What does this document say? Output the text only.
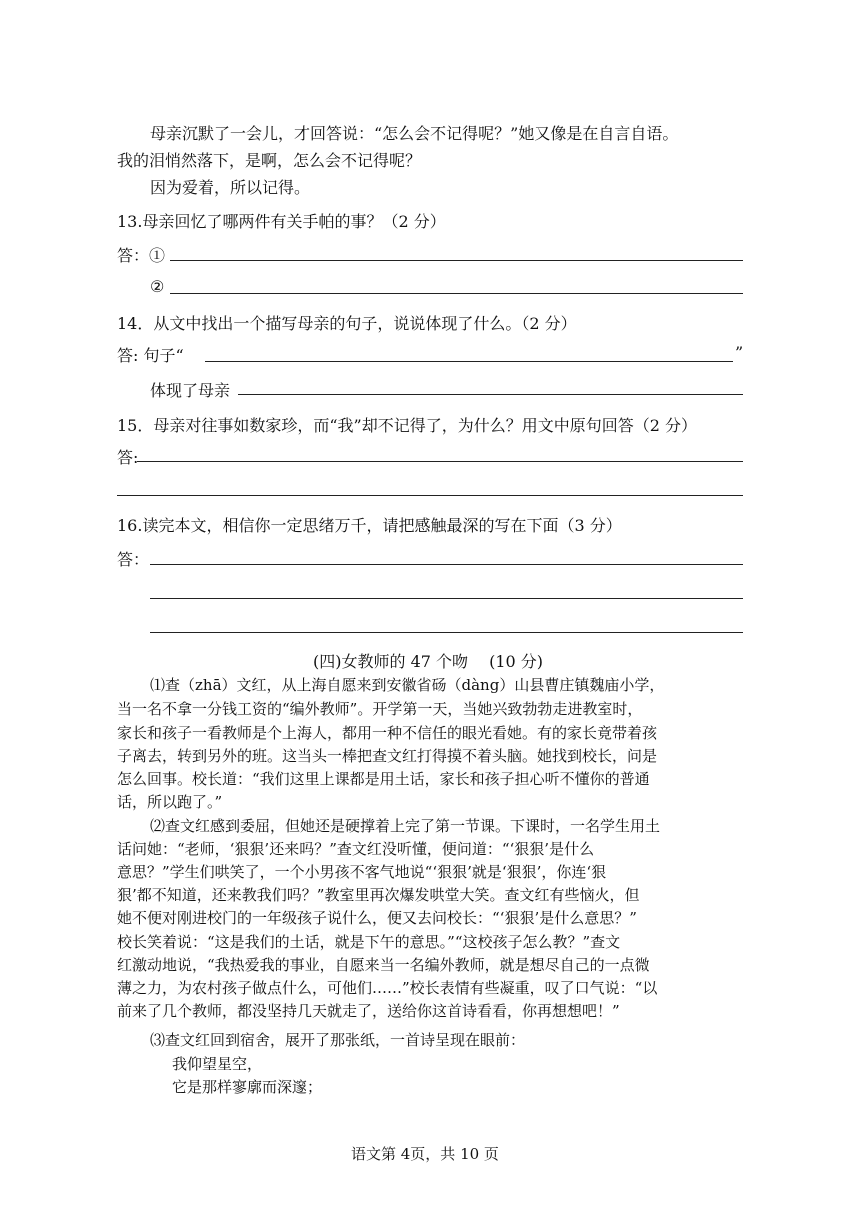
母亲沉默了一会儿，才回答说：“怎么会不记得呢？”她又像是在自言自语。
我的泪悄然落下，是啊，怎么会不记得呢？
因为爱着，所以记得。
13.母亲回忆了哪两件有关手帕的事？（2 分）
答：①
②
14．从文中找出一个描写母亲的句子，说说体现了什么。（2 分）
答: 句子“	”
体现了母亲
15．母亲对往事如数家珍，而“我”却不记得了，为什么？用文中原句回答（2 分）
答:
16.读完本文，相信你一定思绪万千，请把感触最深的写在下面（3 分）
答：
(四)女教师的 47 个吻　 (10 分)
⑴查（zhā）文红，从上海自愿来到安徽省砀（dàng）山县曹庄镇魏庙小学，
当一名不拿一分钱工资的“编外教师”。开学第一天，当她兴致勃勃走进教室时，
家长和孩子一看教师是个上海人，都用一种不信任的眼光看她。有的家长竟带着孩
子离去，转到另外的班。这当头一棒把查文红打得摸不着头脑。她找到校长，问是
怎么回事。校长道：“我们这里上课都是用土话，家长和孩子担心听不懂你的普通
话，所以跑了。”
⑵查文红感到委屈，但她还是硬撑着上完了第一节课。下课时，一名学生用土
话问她：“老师，‘狠狠’还来吗？”查文红没听懂，便问道：“‘狠狠’是什么
意思？”学生们哄笑了，一个小男孩不客气地说“‘狠狠’就是‘狠狠’，你连‘狠
狠’都不知道，还来教我们吗？”教室里再次爆发哄堂大笑。查文红有些恼火，但
她不便对刚进校门的一年级孩子说什么，便又去问校长：“‘狠狠’是什么意思？”
校长笑着说：“这是我们的土话，就是下午的意思。”“这校孩子怎么教？”查文
红激动地说，“我热爱我的事业，自愿来当一名编外教师，就是想尽自己的一点微
薄之力，为农村孩子做点什么，可他们……”校长表情有些凝重，叹了口气说：“以
前来了几个教师，都没坚持几天就走了，送给你这首诗看看，你再想想吧！”
⑶查文红回到宿舍，展开了那张纸，一首诗呈现在眼前：
我仰望星空，
它是那样寥廓而深邃；
语文第 4页，共 10 页
